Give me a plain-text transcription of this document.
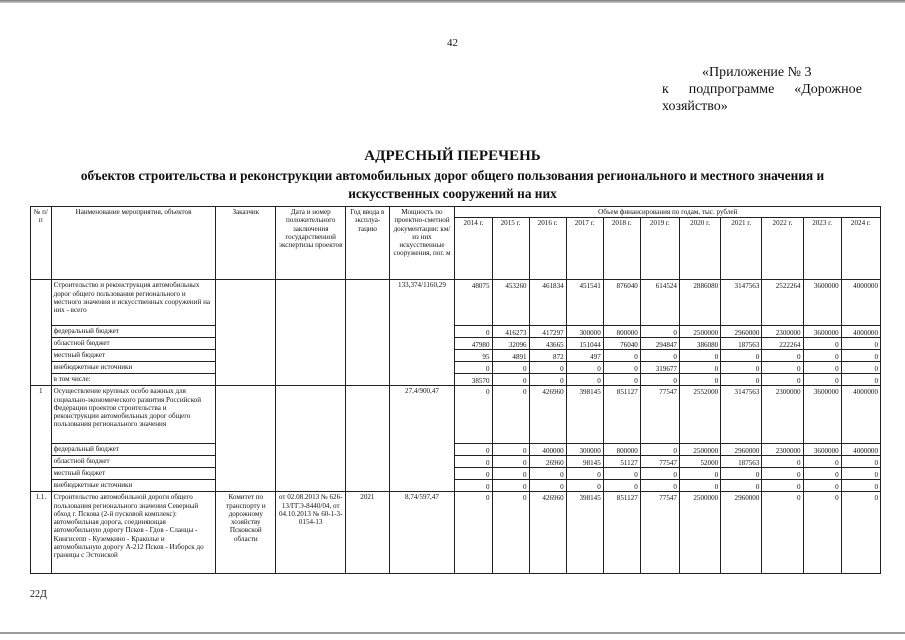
42
«Приложение № 3
к подпрограмме «Дорожное
хозяйство»
АДРЕСНЫЙ ПЕРЕЧЕНЬ
объектов строительства и реконструкции автомобильных дорог общего пользования регионального и местного значения и искусственных сооружений на них
№ п/п	Наименование мероприятия, объектов	Заказчик	Дата и номер положительного заключения государственной экспертизы проектов	Год ввода в эксплуа-тацию	Мощность по проектно-сметной документации: км/из них искусственные сооружения, пог. м	Объем финансирования по годам, тыс. рублей										
						2014 г.	2015 г.	2016 г.	2017 г.	2018 г.	2019 г.	2020 г.	2021 г.	2022 г.	2023 г.	2024 г.
	Строительство и реконструкция автомобильных дорог общего пользования регионального и местного значения и искусственных сооружений на них - всего				133,374/1160,29	48075	453260	461834	451541	876040	614524	2886080	3147563	2522264	3600000	4000000
	федеральный бюджет					0	416273	417297	300000	800000	0	2500000	2960000	2300000	3600000	4000000
	областной бюджет					47980	32096	43665	151044	76040	294847	386080	187563	222264	0	0
	местный бюджет					95	4891	872	497	0	0	0	0	0	0	0
	внебюджетные источники					0	0	0	0	0	319677	0	0	0	0	0
	в том числе:					38570	0	0	0	0	0	0	0	0	0	0
1	Осуществление крупных особо важных для социально-экономического развития Российской Федерации проектов строительства и реконструкции автомобильных дорог общего пользования регионального значения				27,4/900,47	0	0	426960	398145	851127	77547	2552000	3147563	2300000	3600000	4000000
	федеральный бюджет					0	0	400000	300000	800000	0	2500000	2960000	2300000	3600000	4000000
	областной бюджет					0	0	26960	98145	51127	77547	52000	187563	0	0	0
	местный бюджет					0	0	0	0	0	0	0	0	0	0	0
	внебюджетные источники					0	0	0	0	0	0	0	0	0	0	0
1.1.	Строительство автомобильной дороги общего пользования регионального значения Северный обход г. Пскова (2-й пусковой комплекс): автомобильная дорога, соединяющая автомобильную дорогу Псков - Гдов - Сланцы - Кингисепп - Куземкино - Краколье и автомобильную дорогу А-212 Псков - Изборск до границы с Эстонской	Комитет по транспорту и дорожному хозяйству Псковской области	от 02.08.2013 № 626-13/ГГЭ-8440/04, от 04.10.2013 № 60-1-3-0154-13	2021	8,74/597,47	0	0	426960	398145	851127	77547	2500000	2960000	0	0	0
22Д
